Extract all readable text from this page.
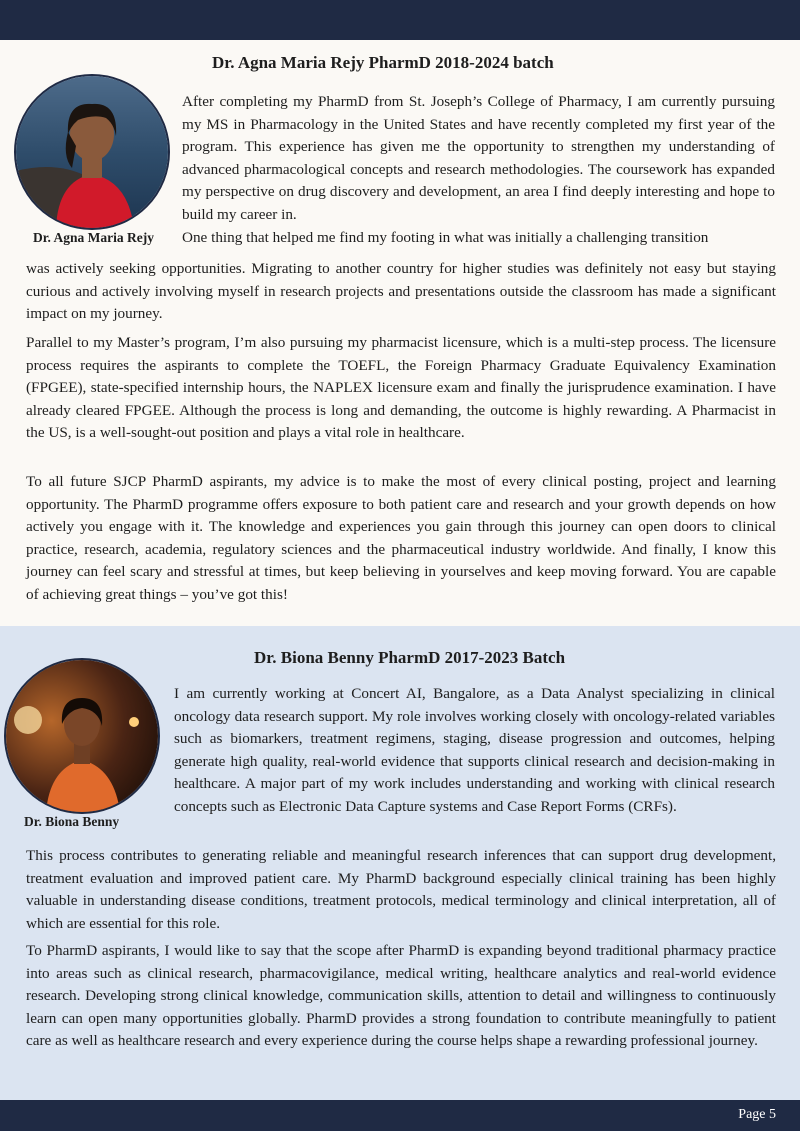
Dr. Agna Maria Rejy PharmD 2018-2024 batch
Dr. Agna Maria Rejy

After completing my PharmD from St. Joseph’s College of Pharmacy, I am currently pursuing my MS in Pharmacology in the United States and have recently completed my first year of the program. This experience has given me the opportunity to strengthen my understanding of advanced pharmacological concepts and research methodologies. The coursework has expanded my perspective on drug discovery and development, an area I find deeply interesting and hope to build my career in.

One thing that helped me find my footing in what was initially a challenging transition

was actively seeking opportunities. Migrating to another country for higher studies was definitely not easy but staying curious and actively involving myself in research projects and presentations outside the classroom has made a significant impact on my journey.

Parallel to my Master’s program, I’m also pursuing my pharmacist licensure, which is a multi-step process. The licensure process requires the aspirants to complete the TOEFL, the Foreign Pharmacy Graduate Equivalency Examination (FPGEE), state-specified internship hours, the NAPLEX licensure exam and finally the jurisprudence examination. I have already cleared FPGEE. Although the process is long and demanding, the outcome is highly rewarding. A Pharmacist in the US, is a well-sought-out position and plays a vital role in healthcare.

To all future SJCP PharmD aspirants, my advice is to make the most of every clinical posting, project and learning opportunity. The PharmD programme offers exposure to both patient care and research and your growth depends on how actively you engage with it. The knowledge and experiences you gain through this journey can open doors to clinical practice, research, academia, regulatory sciences and the pharmaceutical industry worldwide. And finally, I know this journey can feel scary and stressful at times, but keep believing in yourselves and keep moving forward. You are capable of achieving great things – you’ve got this!

Dr. Biona Benny PharmD 2017-2023 Batch
Dr. Biona Benny

I am currently working at Concert AI, Bangalore, as a Data Analyst specializing in clinical oncology data research support. My role involves working closely with oncology-related variables such as biomarkers, treatment regimens, staging, disease progression and outcomes, helping generate high quality, real-world evidence that supports clinical research and decision-making in healthcare. A major part of my work includes understanding and working with clinical research concepts such as Electronic Data Capture systems and Case Report Forms (CRFs).

This process contributes to generating reliable and meaningful research inferences that can support drug development, treatment evaluation and improved patient care. My PharmD background especially clinical training has been highly valuable in understanding disease conditions, treatment protocols, medical terminology and clinical interpretation, all of which are essential for this role.

To PharmD aspirants, I would like to say that the scope after PharmD is expanding beyond traditional pharmacy practice into areas such as clinical research, pharmacovigilance, medical writing, healthcare analytics and real-world evidence research. Developing strong clinical knowledge, communication skills, attention to detail and willingness to continuously learn can open many opportunities globally. PharmD provides a strong foundation to contribute meaningfully to patient care as well as healthcare research and every experience during the course helps shape a rewarding professional journey.

Page 5
